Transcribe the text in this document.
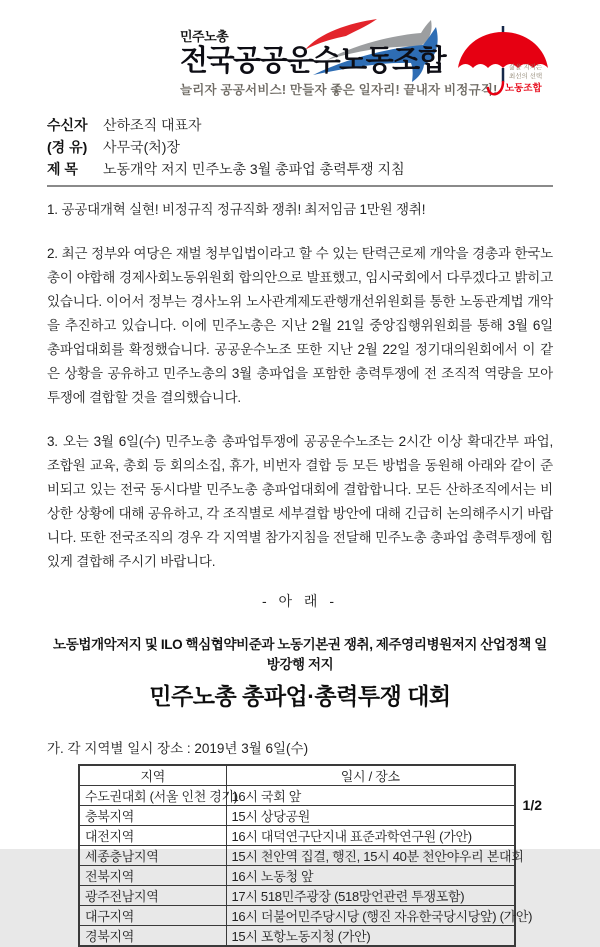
민주노총
전국공공운수노동조합
늘리자 공공서비스! 만들자 좋은 일자리! 끝내자 비정규직!
삶을 지키는
최선의 선택
노동조합
수신자	산하조직 대표자
(경 유)	사무국(처)장
제 목	노동개악 저지 민주노총 3월 총파업 총력투쟁 지침

1. 공공대개혁 실현! 비정규직 정규직화 쟁취! 최저임금 1만원 쟁취!

2. 최근 정부와 여당은 재벌 청부입법이라고 할 수 있는 탄력근로제 개악을 경총과 한국노총이 야합해 경제사회노동위원회 합의안으로 발표했고, 임시국회에서 다루겠다고 밝히고 있습니다. 이어서 정부는 경사노위 노사관계제도관행개선위원회를 통한 노동관계법 개악을 추진하고 있습니다. 이에 민주노총은 지난 2월 21일 중앙집행위원회를 통해 3월 6일 총파업대회를 확정했습니다. 공공운수노조 또한 지난 2월 22일 정기대의원회에서 이 같은 상황을 공유하고 민주노총의 3월 총파업을 포함한 총력투쟁에 전 조직적 역량을 모아 투쟁에 결합할 것을 결의했습니다.

3. 오는 3월 6일(수) 민주노총 총파업투쟁에 공공운수노조는 2시간 이상 확대간부 파업, 조합원 교육, 총회 등 회의소집, 휴가, 비번자 결합 등 모든 방법을 동원해 아래와 같이 준비되고 있는 전국 동시다발 민주노총 총파업대회에 결합합니다. 모든 산하조직에서는 비상한 상황에 대해 공유하고, 각 조직별로 세부결합 방안에 대해 긴급히 논의해주시기 바랍니다. 또한 전국조직의 경우 각 지역별 참가지침을 전달해 민주노총 총파업 총력투쟁에 힘있게 결합해 주시기 바랍니다.

- 아 래 -
노동법개악저지 및 ILO 핵심협약비준과 노동기본권 쟁취, 제주영리병원저지 산업정책 일방강행 저지
민주노총 총파업·총력투쟁 대회
가. 각 지역별 일시 장소 : 2019년 3월 6일(수)
지역	일시 / 장소
수도권대회 (서울 인천 경기)	16시 국회 앞
충북지역	15시 상당공원
대전지역	16시 대덕연구단지내 표준과학연구원 (가안)
세종충남지역	15시 천안역 집결, 행진, 15시 40분 천안야우리 본대회
전북지역	16시 노동청 앞
광주전남지역	17시 518민주광장 (518망언관련 투쟁포함)
대구지역	16시 더불어민주당시당 (행진 자유한국당시당앞) (가안)
경북지역	15시 포항노동지청 (가안)
1/2
